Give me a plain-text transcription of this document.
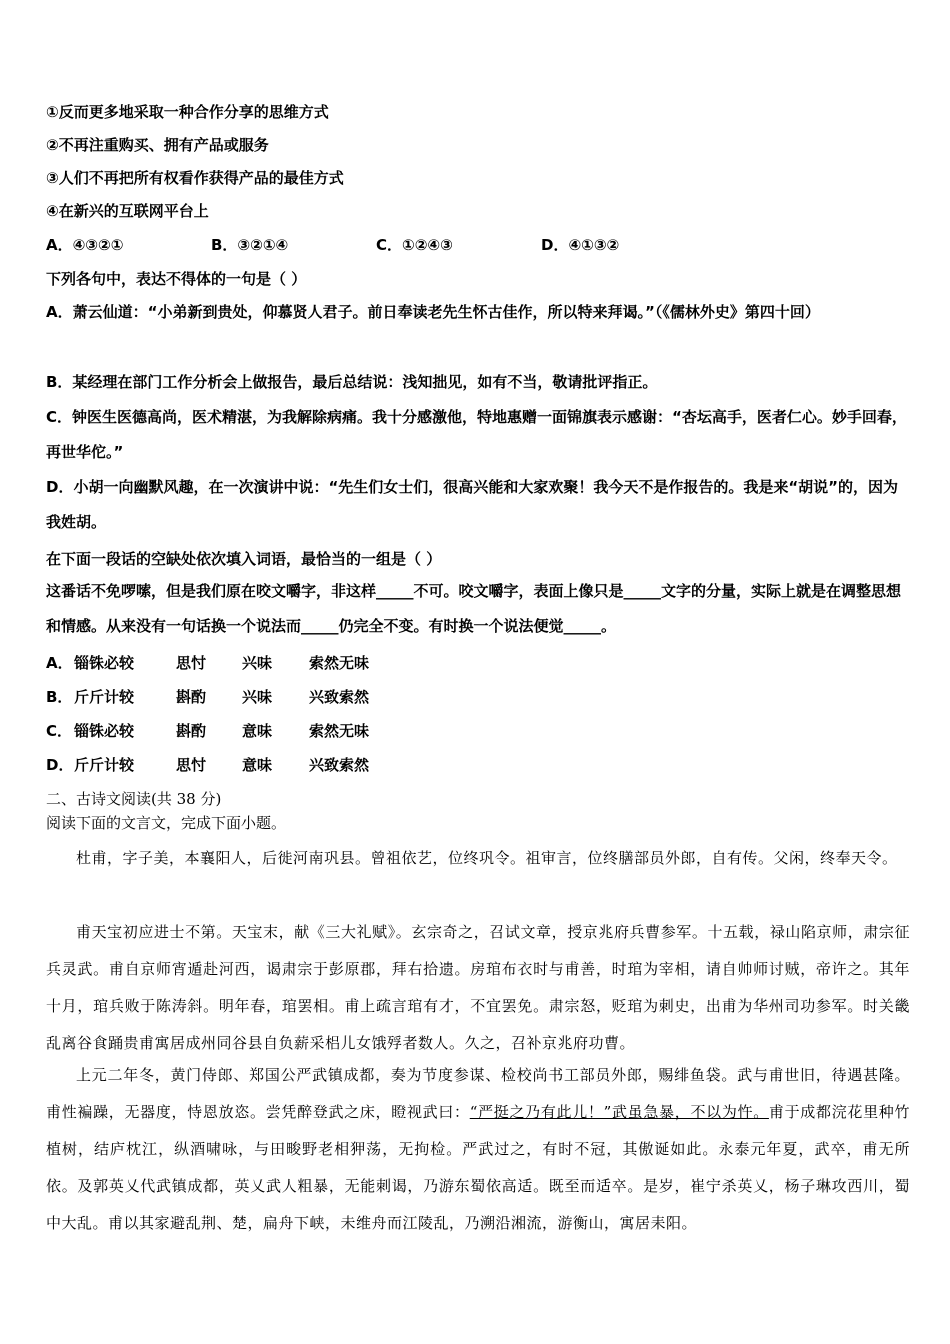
①反而更多地采取一种合作分享的思维方式
②不再注重购买、拥有产品或服务
③人们不再把所有权看作获得产品的最佳方式
④在新兴的互联网平台上
A．④③②①	B．③②①④	C．①②④③	D．④①③②
下列各句中，表达不得体的一句是（ ）
A．萧云仙道：“小弟新到贵处，仰慕贤人君子。前日奉读老先生怀古佳作，所以特来拜谒。”（《儒林外史》第四十回）
B．某经理在部门工作分析会上做报告，最后总结说：浅知拙见，如有不当，敬请批评指正。
C．钟医生医德高尚，医术精湛，为我解除病痛。我十分感激他，特地惠赠一面锦旗表示感谢：“杏坛高手，医者仁心。妙手回春，再世华佗。”
D．小胡一向幽默风趣，在一次演讲中说：“先生们女士们，很高兴能和大家欢聚！我今天不是作报告的。我是来“胡说”的，因为我姓胡。
在下面一段话的空缺处依次填入词语，最恰当的一组是（ ）
这番话不免啰嗦，但是我们原在咬文嚼字，非这样_____不可。咬文嚼字，表面上像只是_____文字的分量，实际上就是在调整思想和情感。从来没有一句话换一个说法而_____仍完全不变。有时换一个说法便觉_____。
A． 锱铢必较	思忖 兴味 索然无味
B． 斤斤计较	斟酌 兴味 兴致索然
C． 锱铢必较	斟酌 意味 索然无味
D． 斤斤计较	思忖 意味 兴致索然
二、古诗文阅读(共 38 分)
阅读下面的文言文，完成下面小题。
杜甫，字子美，本襄阳人，后徙河南巩县。曾祖依艺，位终巩令。祖审言，位终膳部员外郎，自有传。父闲，终奉天令。
甫天宝初应进士不第。天宝末，献《三大礼赋》。玄宗奇之，召试文章，授京兆府兵曹参军。十五载，禄山陷京师，肃宗征兵灵武。甫自京师宵遁赴河西，谒肃宗于彭原郡，拜右拾遗。房琯布衣时与甫善，时琯为宰相，请自帅师讨贼，帝许之。其年十月，琯兵败于陈涛斜。明年春，琯罢相。甫上疏言琯有才，不宜罢免。肃宗怒，贬琯为刺史，出甫为华州司功参军。时关畿乱离谷食踊贵甫寓居成州同谷县自负薪采梠儿女饿殍者数人。久之，召补京兆府功曹。
上元二年冬，黄门侍郎、郑国公严武镇成都，奏为节度参谋、检校尚书工部员外郎，赐绯鱼袋。武与甫世旧，待遇甚隆。甫性褊躁，无器度，恃恩放恣。尝凭醉登武之床，瞪视武曰：“严挺之乃有此儿！”武虽急暴，不以为忤。甫于成都浣花里种竹植树，结庐枕江，纵酒啸咏，与田畯野老相狎荡，无拘检。严武过之，有时不冠，其傲诞如此。永泰元年夏，武卒，甫无所依。及郭英乂代武镇成都，英乂武人粗暴，无能刺谒，乃游东蜀依高适。既至而适卒。是岁，崔宁杀英乂，杨子琳攻西川，蜀中大乱。甫以其家避乱荆、楚，扁舟下峡，未维舟而江陵乱，乃溯沿湘流，游衡山，寓居耒阳。
